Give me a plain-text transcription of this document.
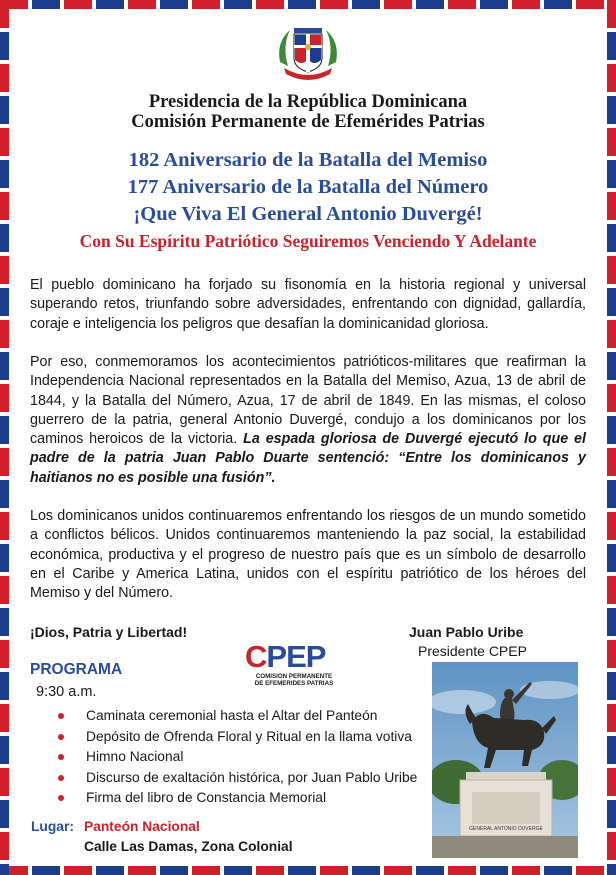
Presidencia de la República Dominicana
Comisión Permanente de Efemérides Patrias
182 Aniversario de la Batalla del Memiso
177 Aniversario de la Batalla del Número
¡Que Viva El General Antonio Duvergé!
Con Su Espíritu Patriótico Seguiremos Venciendo Y Adelante
El pueblo dominicano ha forjado su fisonomía en la historia regional y universal superando retos, triunfando sobre adversidades, enfrentando con dignidad, gallardía, coraje e inteligencia los peligros que desafían la dominicanidad gloriosa.
Por eso, conmemoramos los acontecimientos patrióticos-militares que reafirman la Independencia Nacional representados en la Batalla del Memiso, Azua, 13 de abril de 1844, y la Batalla del Número, Azua, 17 de abril de 1849. En las mismas, el coloso guerrero de la patria, general Antonio Duvergé, condujo a los dominicanos por los caminos heroicos de la victoria. La espada gloriosa de Duvergé ejecutó lo que el padre de la patria Juan Pablo Duarte sentenció: “Entre los dominicanos y haitianos no es posible una fusión”.
Los dominicanos unidos continuaremos enfrentando los riesgos de un mundo sometido a conflictos bélicos. Unidos continuaremos manteniendo la paz social, la estabilidad económica, productiva y el progreso de nuestro país que es un símbolo de desarrollo en el Caribe y America Latina, unidos con el espíritu patriótico de los héroes del Memiso y del Número.
¡Dios, Patria y Libertad!	Juan Pablo Uribe
Presidente CPEP
CPEP
COMISION PERMANENTE
DE EFEMERIDES PATRIAS
PROGRAMA
9:30 a.m.
Caminata ceremonial hasta el Altar del Panteón
Depósito de Ofrenda Floral y Ritual en la llama votiva
Himno Nacional
Discurso de exaltación histórica, por Juan Pablo Uribe
Firma del libro de Constancia Memorial
Lugar: Panteón Nacional
Calle Las Damas, Zona Colonial
GENERAL ANTONIO DUVERGE
